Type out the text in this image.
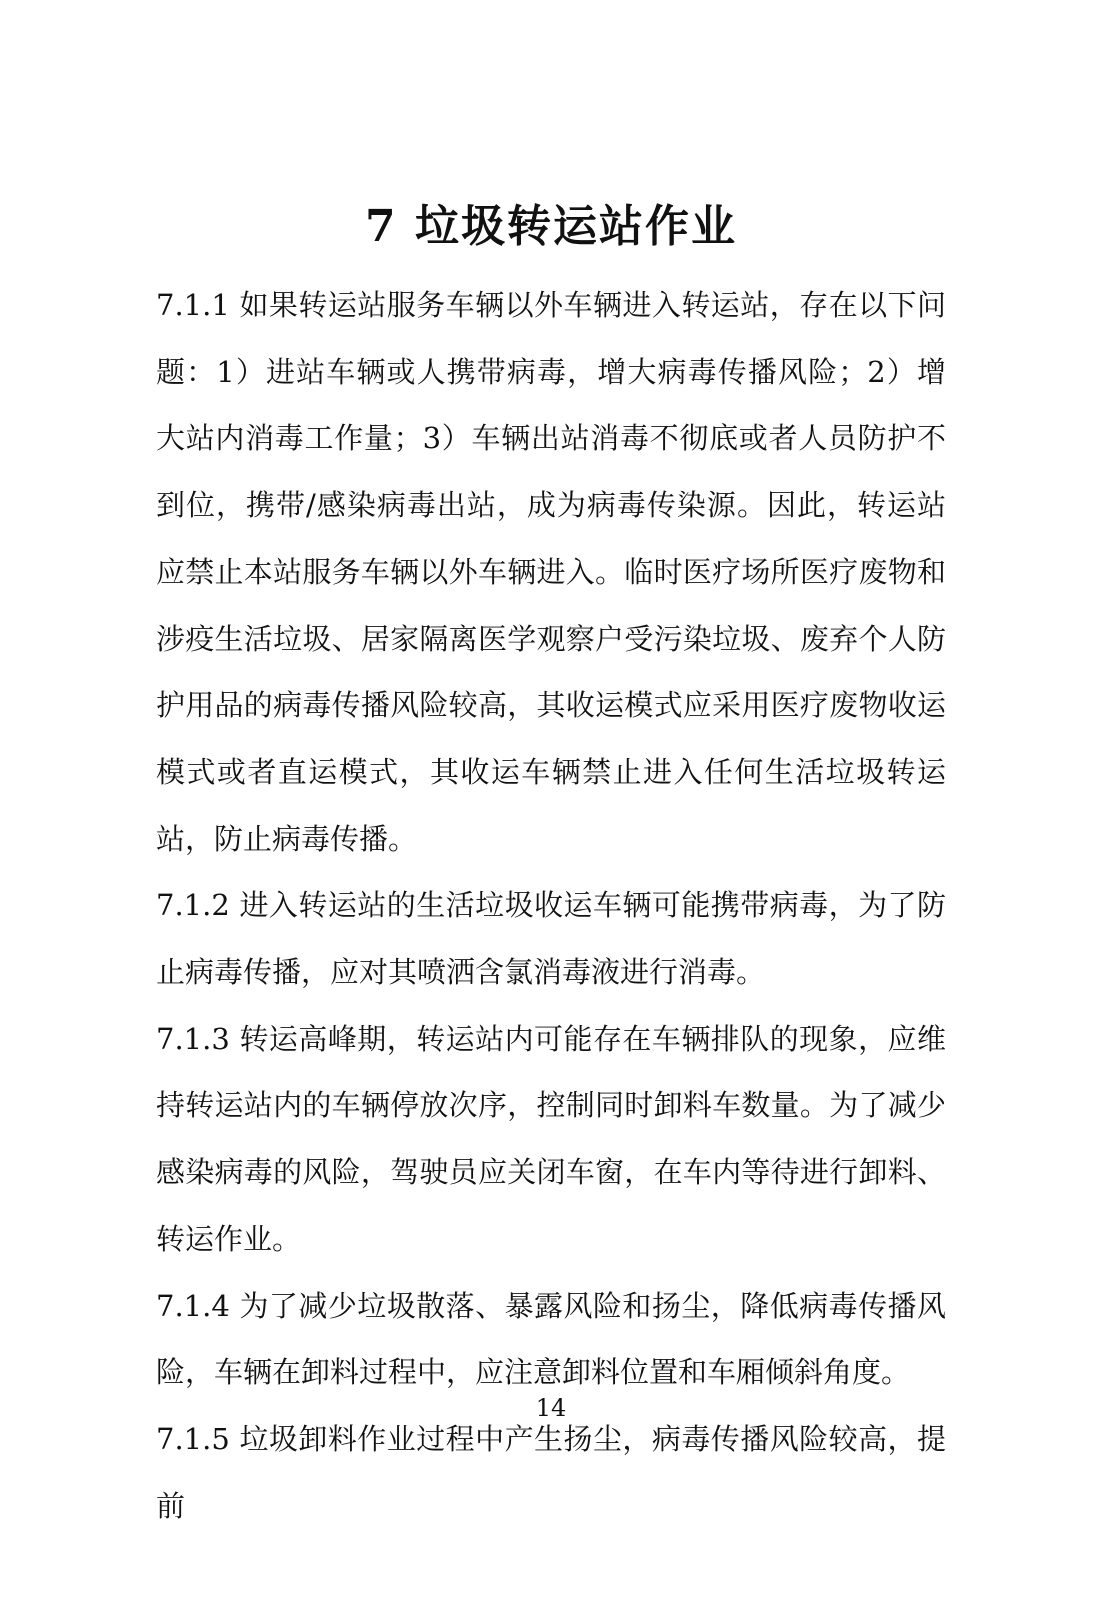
7 垃圾转运站作业

7.1.1 如果转运站服务车辆以外车辆进入转运站，存在以下问题：1）进站车辆或人携带病毒，增大病毒传播风险；2）增大站内消毒工作量；3）车辆出站消毒不彻底或者人员防护不到位，携带/感染病毒出站，成为病毒传染源。因此，转运站应禁止本站服务车辆以外车辆进入。临时医疗场所医疗废物和涉疫生活垃圾、居家隔离医学观察户受污染垃圾、废弃个人防护用品的病毒传播风险较高，其收运模式应采用医疗废物收运模式或者直运模式，其收运车辆禁止进入任何生活垃圾转运站，防止病毒传播。

7.1.2 进入转运站的生活垃圾收运车辆可能携带病毒，为了防止病毒传播，应对其喷洒含氯消毒液进行消毒。

7.1.3 转运高峰期，转运站内可能存在车辆排队的现象，应维持转运站内的车辆停放次序，控制同时卸料车数量。为了减少感染病毒的风险，驾驶员应关闭车窗，在车内等待进行卸料、转运作业。

7.1.4 为了减少垃圾散落、暴露风险和扬尘，降低病毒传播风险，车辆在卸料过程中，应注意卸料位置和车厢倾斜角度。

7.1.5 垃圾卸料作业过程中产生扬尘，病毒传播风险较高，提前

14
